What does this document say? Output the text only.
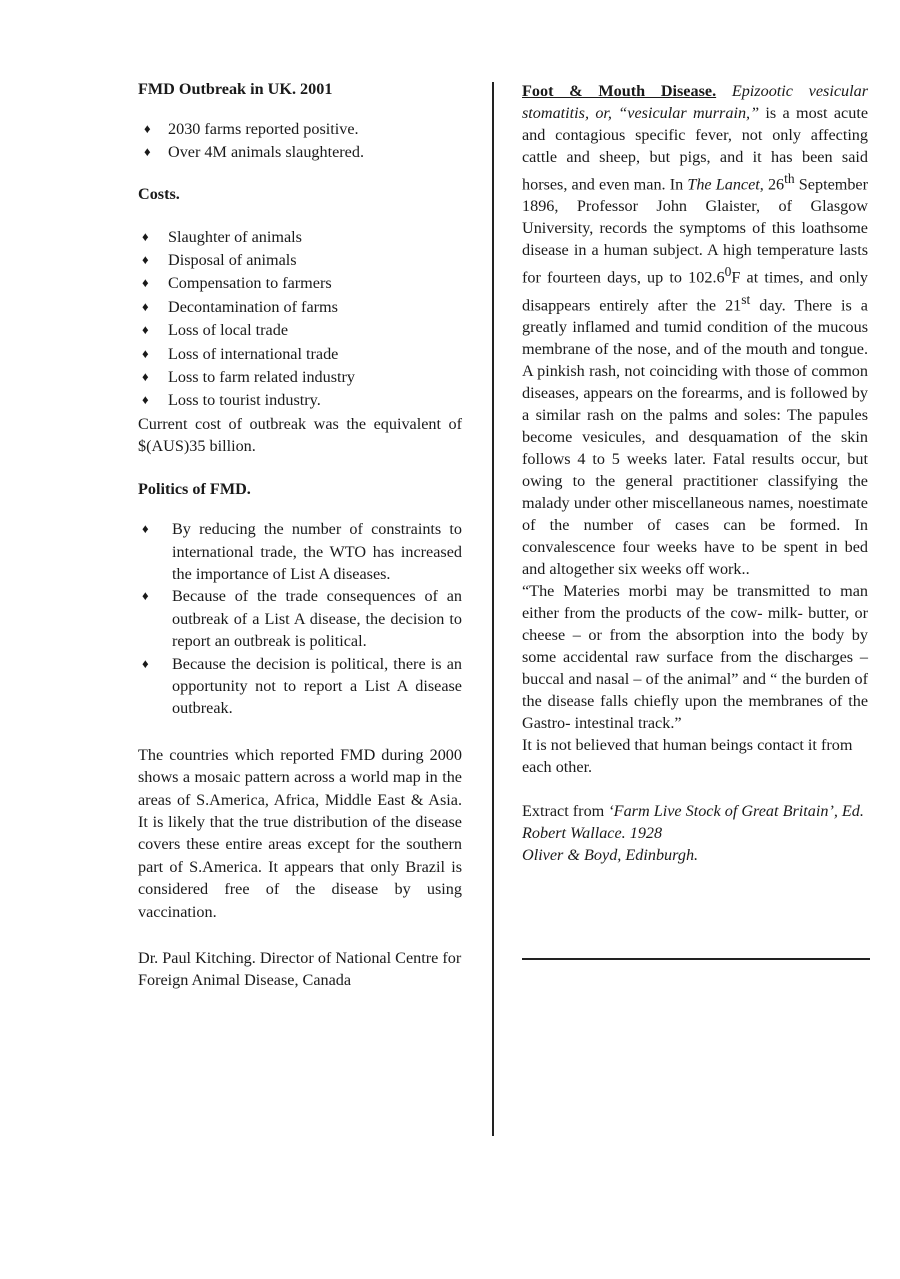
FMD Outbreak in UK. 2001

♦ 2030 farms reported positive.
♦ Over 4M animals slaughtered.

Costs.

♦ Slaughter of animals
♦ Disposal of animals
♦ Compensation to farmers
♦ Decontamination of farms
♦ Loss of local trade
♦ Loss of international trade
♦ Loss to farm related industry
♦ Loss to tourist industry.

Current cost of outbreak was the equivalent of $(AUS)35 billion.

Politics of FMD.

♦ By reducing the number of constraints to international trade, the WTO has increased the importance of List A diseases.
♦ Because of the trade consequences of an outbreak of a List A disease, the decision to report an outbreak is political.
♦ Because the decision is political, there is an opportunity not to report a List A disease outbreak.

The countries which reported FMD during 2000 shows a mosaic pattern across a world map in the areas of S.America, Africa, Middle East & Asia. It is likely that the true distribution of the disease covers these entire areas except for the southern part of S.America. It appears that only Brazil is considered free of the disease by using vaccination.

Dr. Paul Kitching. Director of National Centre for Foreign Animal Disease, Canada

Foot & Mouth Disease. Epizootic vesicular stomatitis, or, “vesicular murrain,” is a most acute and contagious specific fever, not only affecting cattle and sheep, but pigs, and it has been said horses, and even man. In The Lancet, 26th September 1896, Professor John Glaister, of Glasgow University, records the symptoms of this loathsome disease in a human subject. A high temperature lasts for fourteen days, up to 102.6$^0$F at times, and only disappears entirely after the 21st day. There is a greatly inflamed and tumid condition of the mucous membrane of the nose, and of the mouth and tongue. A pinkish rash, not coinciding with those of common diseases, appears on the forearms, and is followed by a similar rash on the palms and soles: The papules become vesicules, and desquamation of the skin follows 4 to 5 weeks later. Fatal results occur, but owing to the general practitioner classifying the malady under other miscellaneous names, noestimate of the number of cases can be formed. In convalescence four weeks have to be spent in bed and altogether six weeks off work..

“The Materies morbi may be transmitted to man either from the products of the cow- milk- butter, or cheese – or from the absorption into the body by some accidental raw surface from the discharges – buccal and nasal – of the animal” and “ the burden of the disease falls chiefly upon the membranes of the Gastro- intestinal track.”

It is not believed that human beings contact it from each other.

Extract from ‘Farm Live Stock of Great Britain’, Ed. Robert Wallace. 1928
Oliver & Boyd, Edinburgh.
